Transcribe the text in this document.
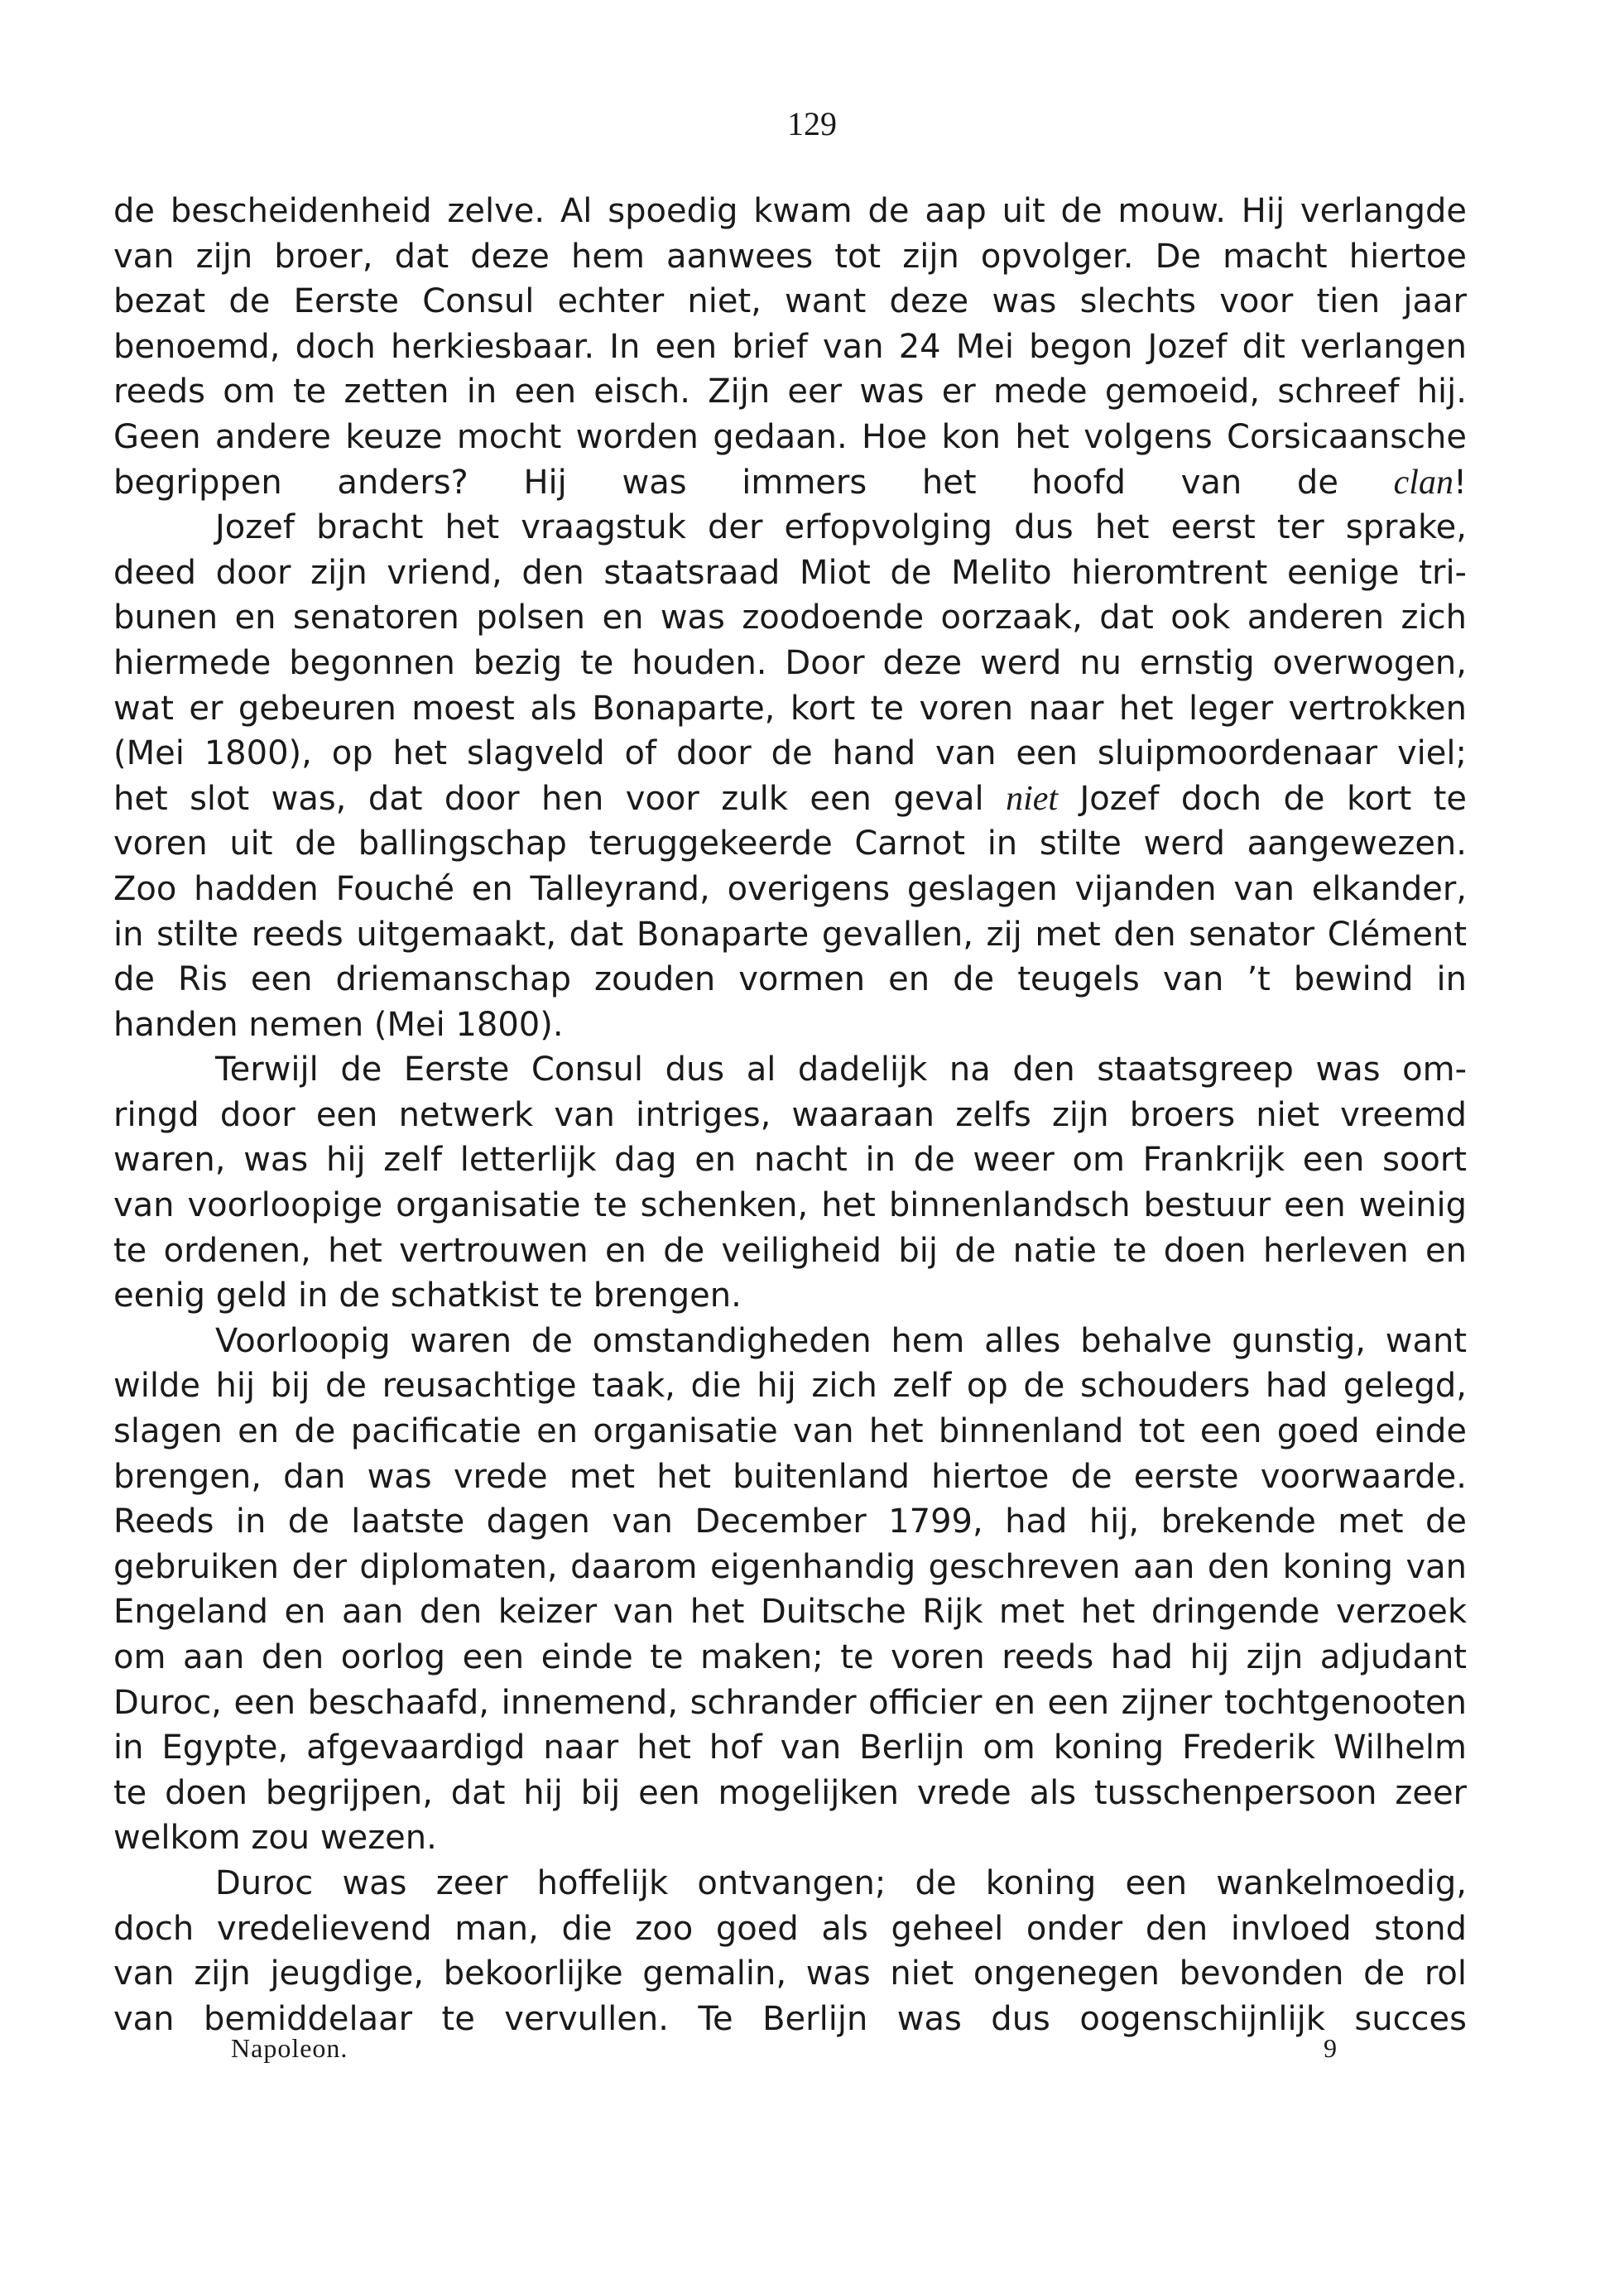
129
de bescheidenheid zelve. Al spoedig kwam de aap uit de mouw. Hij verlangde
van zijn broer, dat deze hem aanwees tot zijn opvolger. De macht hiertoe
bezat de Eerste Consul echter niet, want deze was slechts voor tien jaar
benoemd, doch herkiesbaar. In een brief van 24 Mei begon Jozef dit verlangen
reeds om te zetten in een eisch. Zijn eer was er mede gemoeid, schreef hij.
Geen andere keuze mocht worden gedaan. Hoe kon het volgens Corsicaansche
begrippen anders? Hij was immers het hoofd van de clan!
Jozef bracht het vraagstuk der erfopvolging dus het eerst ter sprake,
deed door zijn vriend, den staatsraad Miot de Melito hieromtrent eenige tri-
bunen en senatoren polsen en was zoodoende oorzaak, dat ook anderen zich
hiermede begonnen bezig te houden. Door deze werd nu ernstig overwogen,
wat er gebeuren moest als Bonaparte, kort te voren naar het leger vertrokken
(Mei 1800), op het slagveld of door de hand van een sluipmoordenaar viel;
het slot was, dat door hen voor zulk een geval niet Jozef doch de kort te
voren uit de ballingschap teruggekeerde Carnot in stilte werd aangewezen.
Zoo hadden Fouché en Talleyrand, overigens geslagen vijanden van elkander,
in stilte reeds uitgemaakt, dat Bonaparte gevallen, zij met den senator Clément
de Ris een driemanschap zouden vormen en de teugels van ’t bewind in
handen nemen (Mei 1800).
Terwijl de Eerste Consul dus al dadelijk na den staatsgreep was om-
ringd door een netwerk van intriges, waaraan zelfs zijn broers niet vreemd
waren, was hij zelf letterlijk dag en nacht in de weer om Frankrijk een soort
van voorloopige organisatie te schenken, het binnenlandsch bestuur een weinig
te ordenen, het vertrouwen en de veiligheid bij de natie te doen herleven en
eenig geld in de schatkist te brengen.
Voorloopig waren de omstandigheden hem alles behalve gunstig, want
wilde hij bij de reusachtige taak, die hij zich zelf op de schouders had gelegd,
slagen en de pacificatie en organisatie van het binnenland tot een goed einde
brengen, dan was vrede met het buitenland hiertoe de eerste voorwaarde.
Reeds in de laatste dagen van December 1799, had hij, brekende met de
gebruiken der diplomaten, daarom eigenhandig geschreven aan den koning van
Engeland en aan den keizer van het Duitsche Rijk met het dringende verzoek
om aan den oorlog een einde te maken; te voren reeds had hij zijn adjudant
Duroc, een beschaafd, innemend, schrander officier en een zijner tochtgenooten
in Egypte, afgevaardigd naar het hof van Berlijn om koning Frederik Wilhelm
te doen begrijpen, dat hij bij een mogelijken vrede als tusschenpersoon zeer
welkom zou wezen.
Duroc was zeer hoffelijk ontvangen; de koning een wankelmoedig,
doch vredelievend man, die zoo goed als geheel onder den invloed stond
van zijn jeugdige, bekoorlijke gemalin, was niet ongenegen bevonden de rol
van bemiddelaar te vervullen. Te Berlijn was dus oogenschijnlijk succes
Napoleon.	9
